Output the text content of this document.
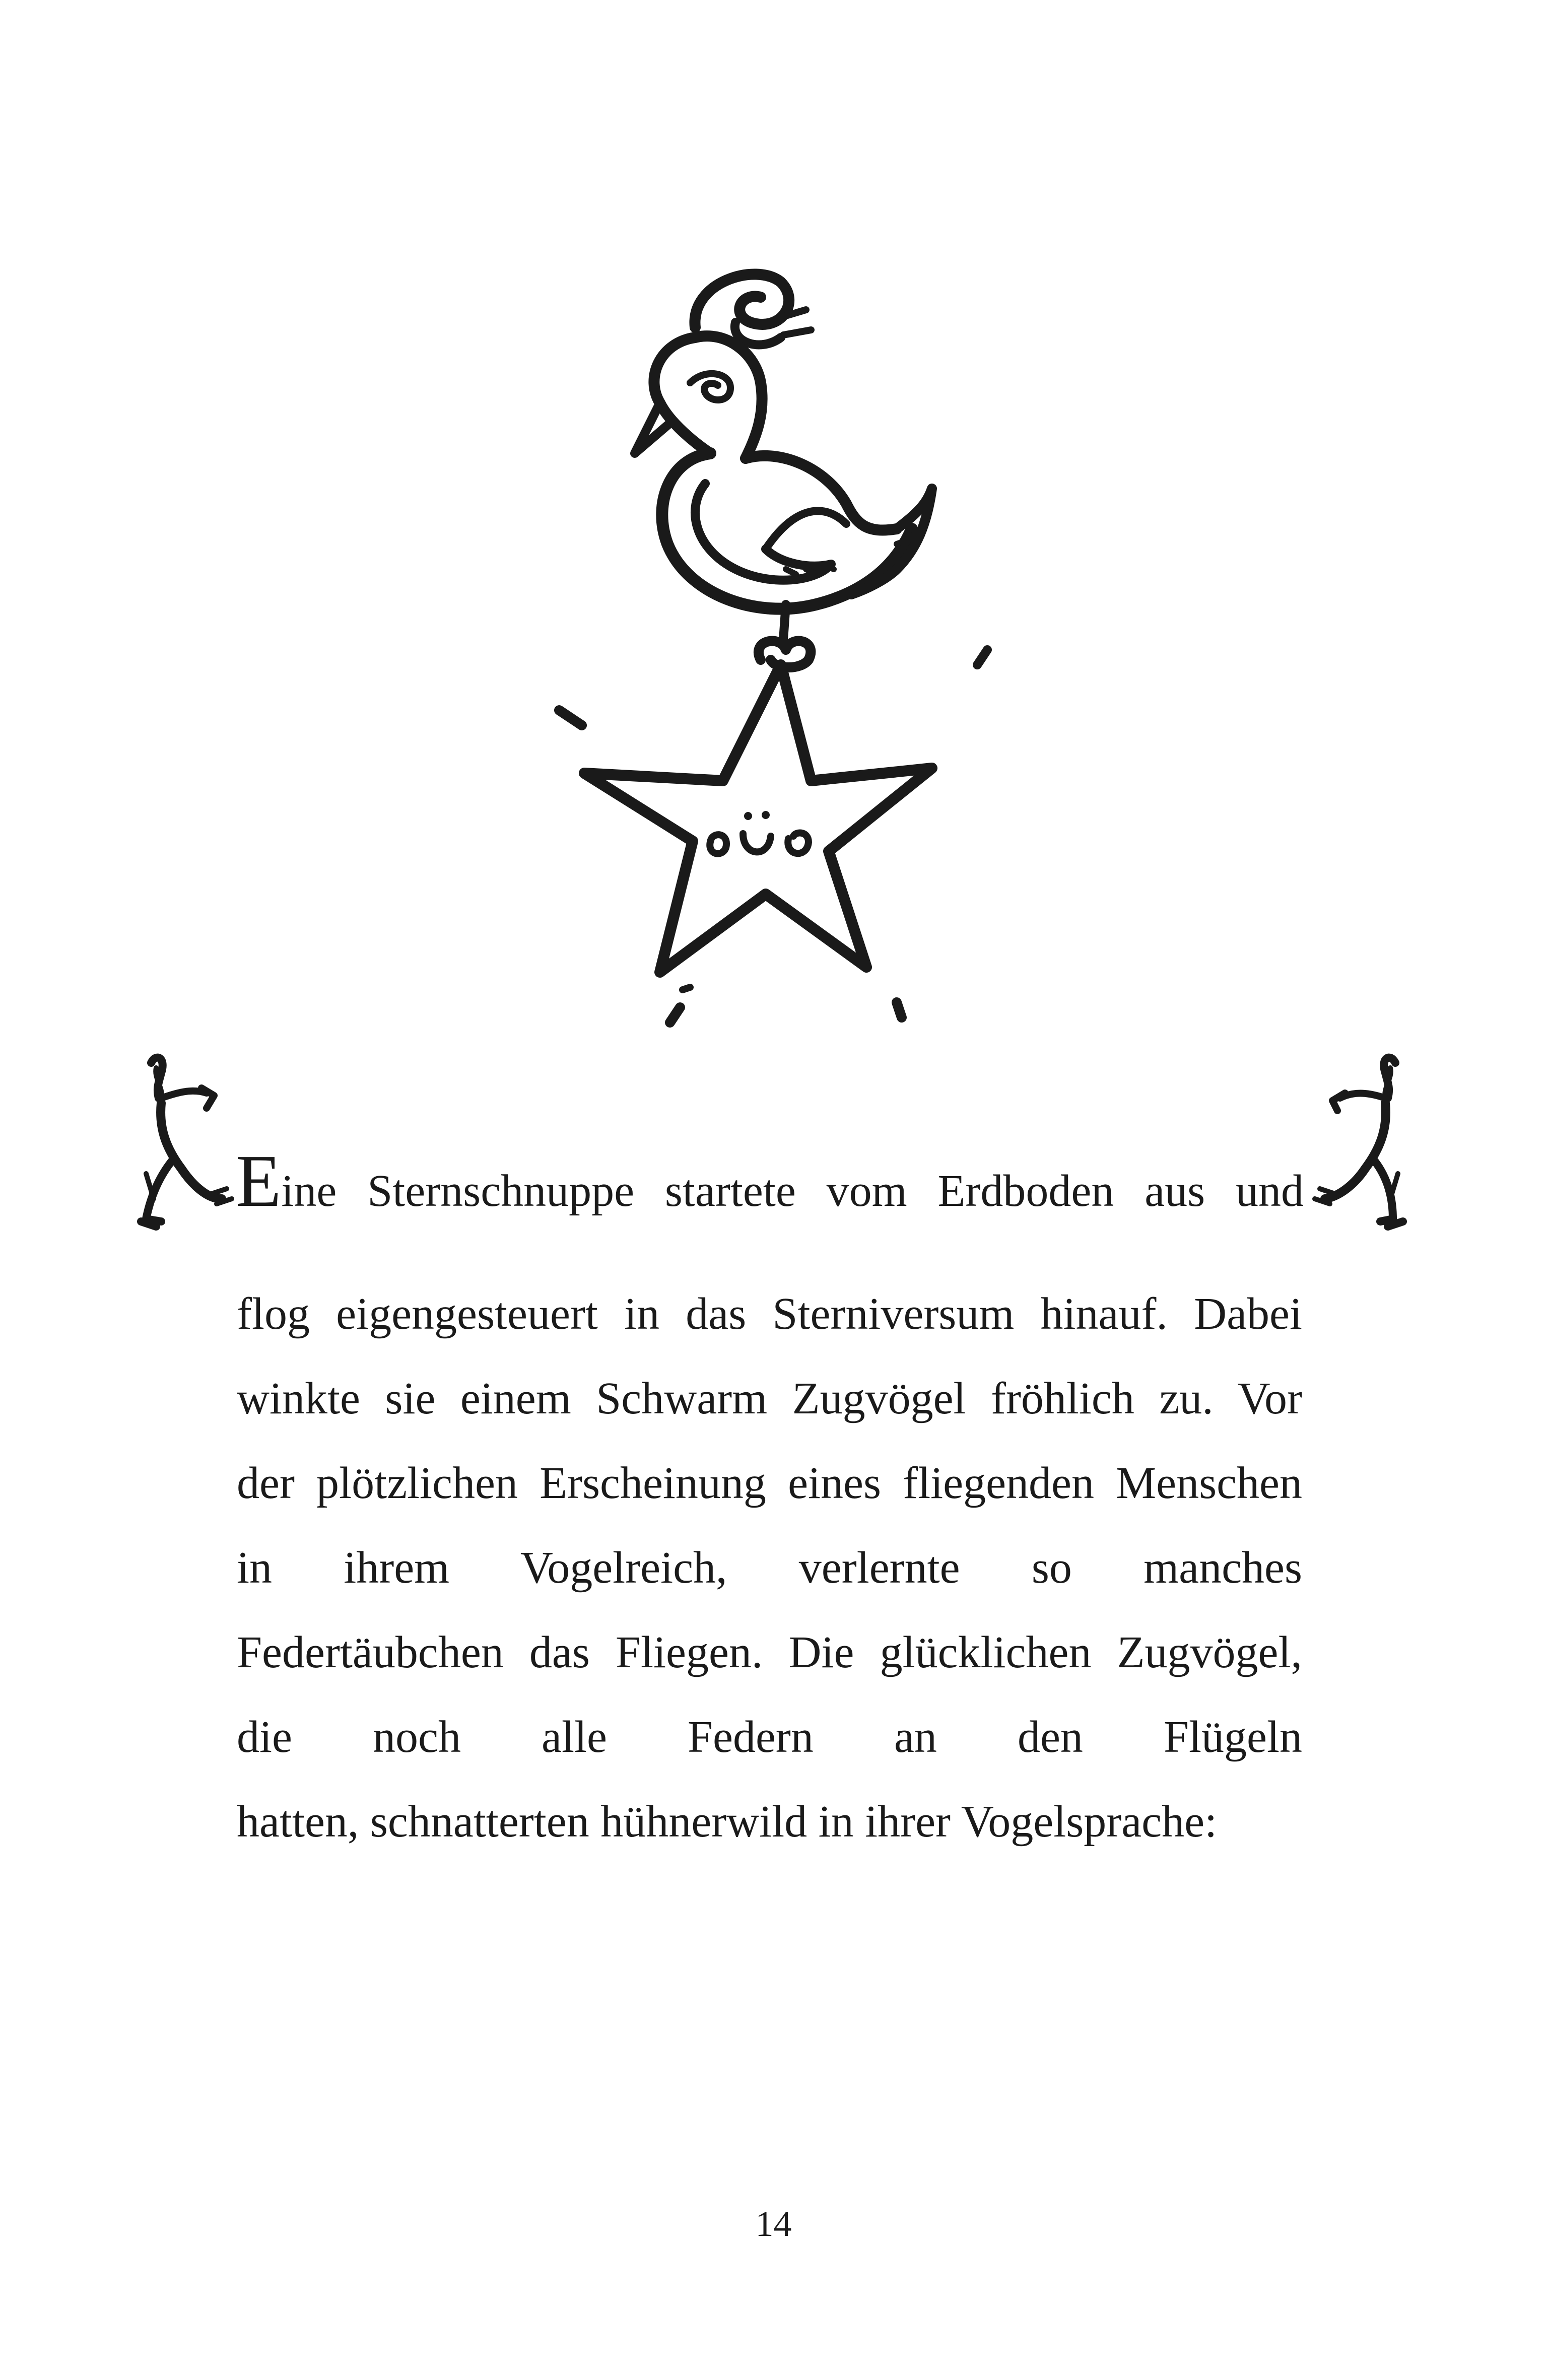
Eine Sternschnuppe startete vom Erdboden aus und
flog eigengesteuert in das Sterniversum hinauf. Dabei
winkte sie einem Schwarm Zugvögel fröhlich zu. Vor
der plötzlichen Erscheinung eines fliegenden Menschen
in ihrem Vogelreich, verlernte so manches
Federtäubchen das Fliegen. Die glücklichen Zugvögel,
die noch alle Federn an den Flügeln
hatten, schnatterten hühnerwild in ihrer Vogelsprache:
14
